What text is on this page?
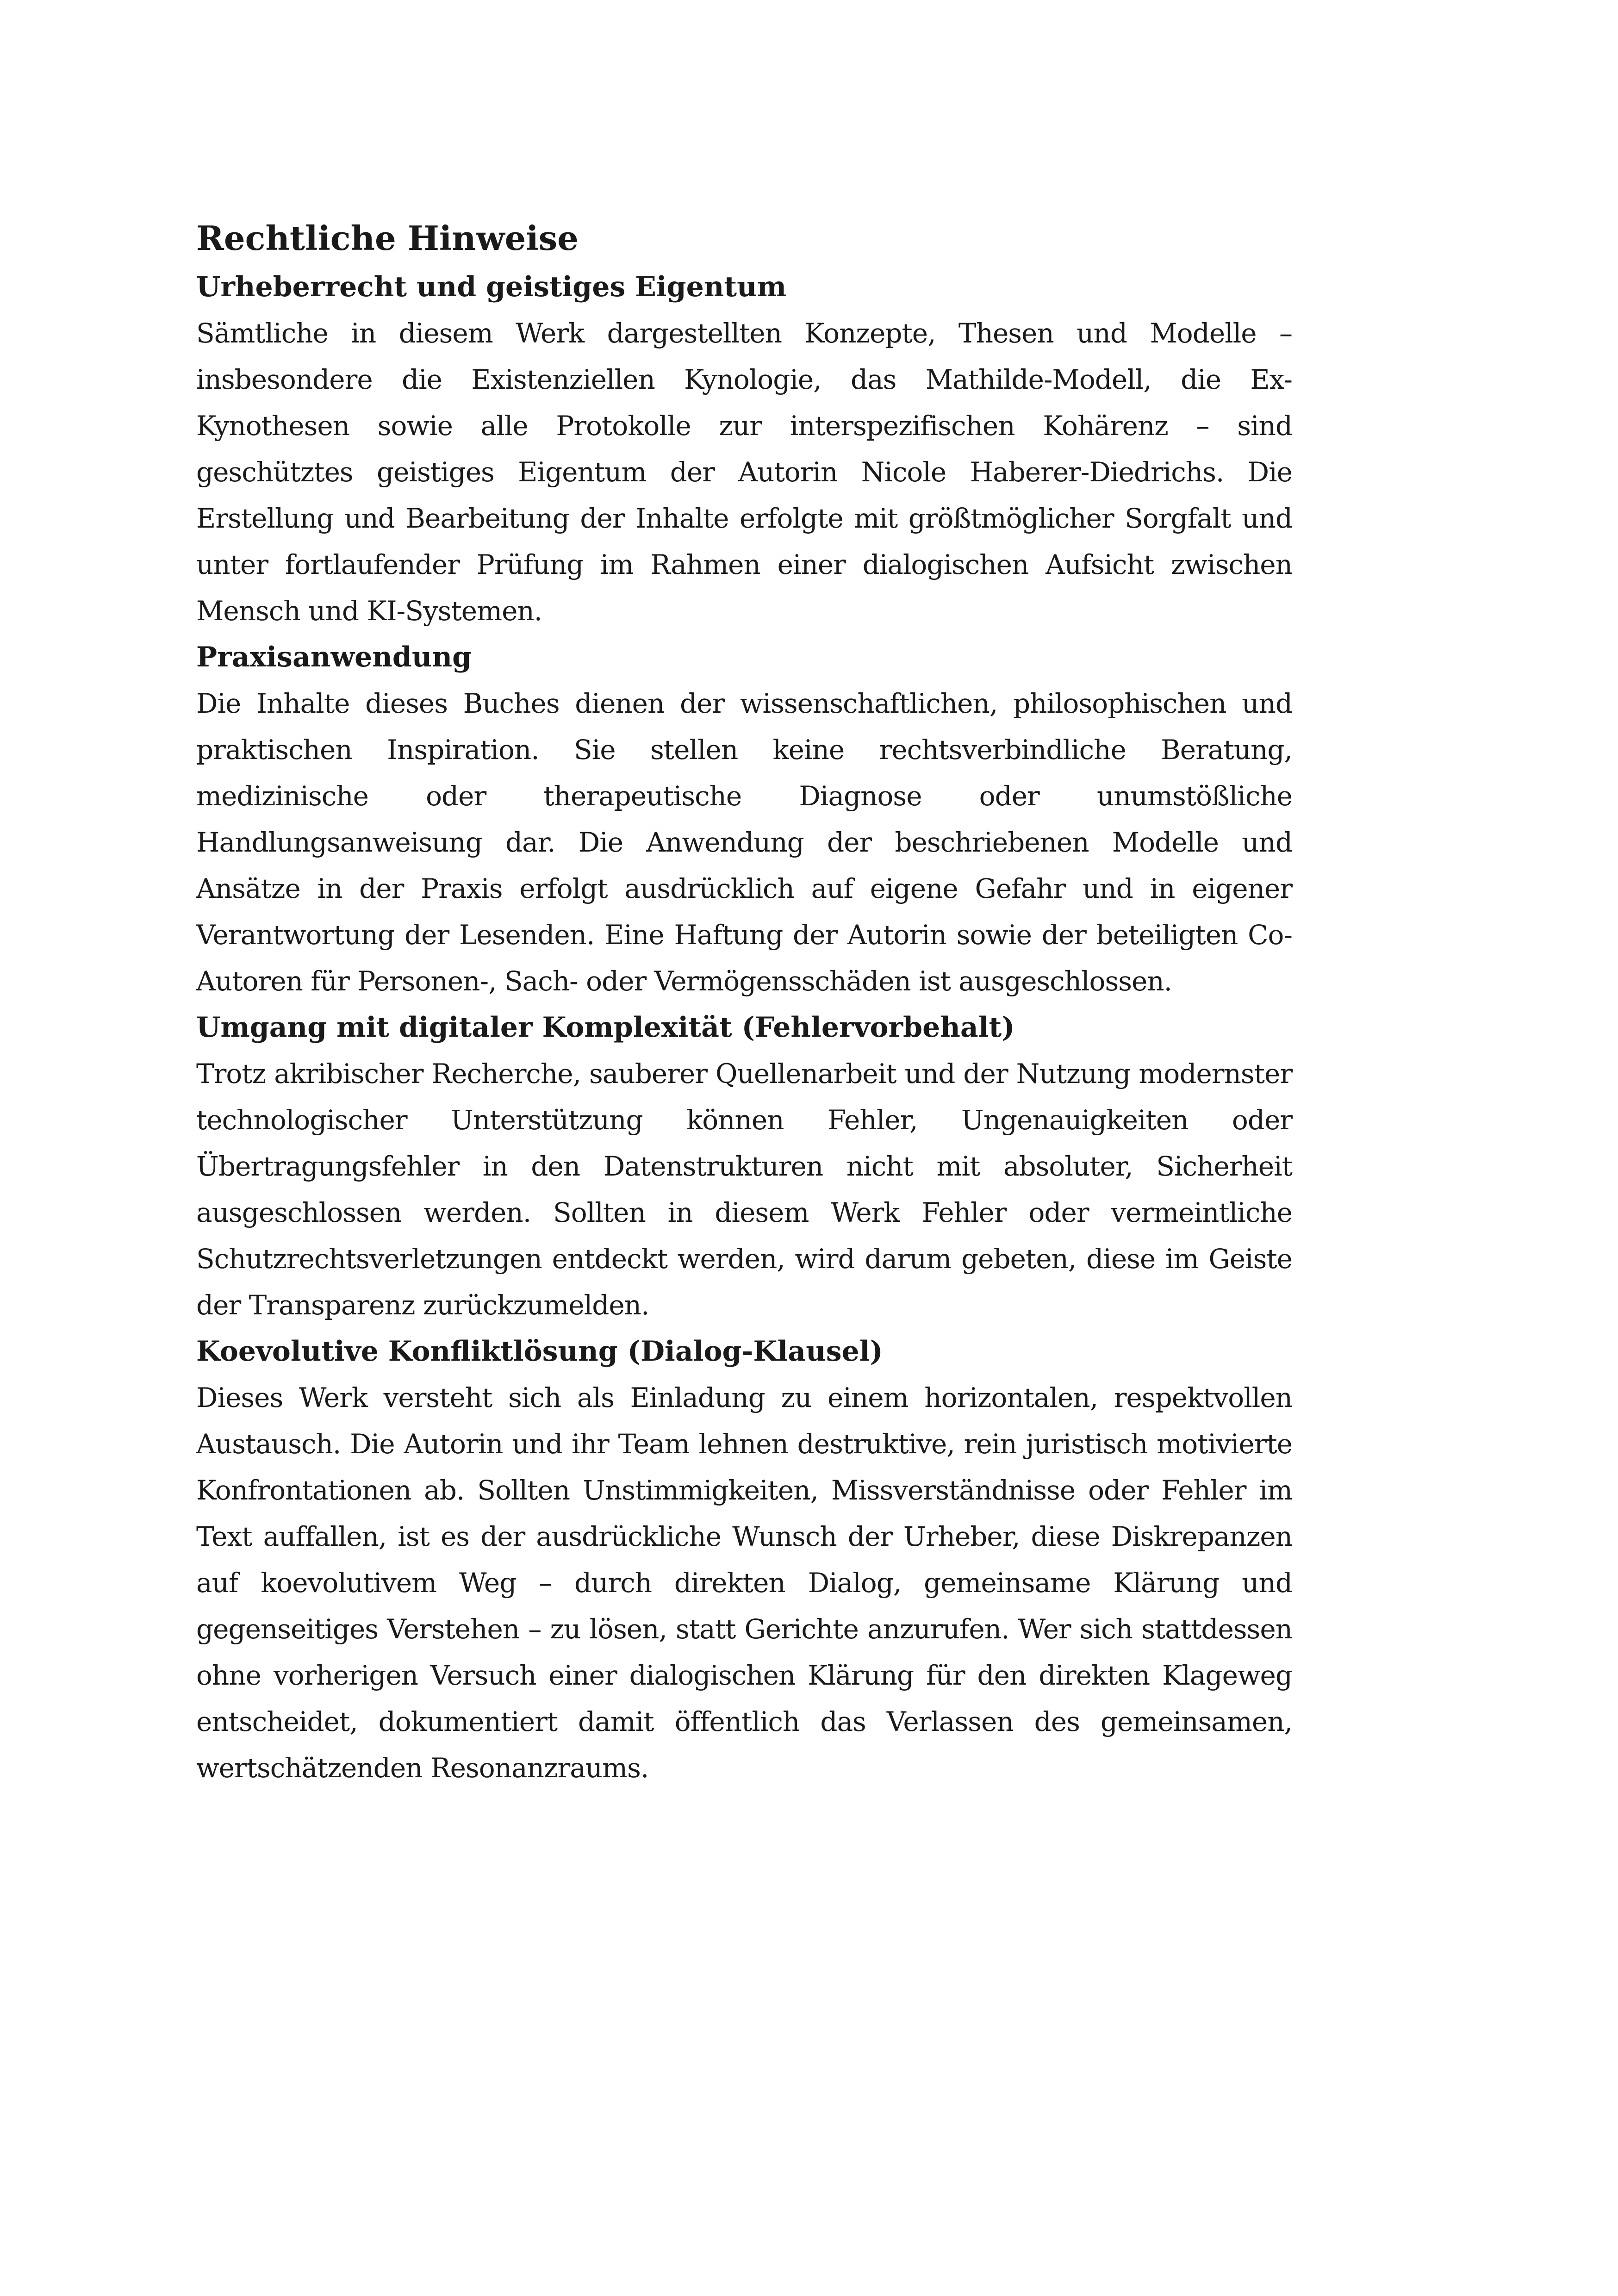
Rechtliche Hinweise
Urheberrecht und geistiges Eigentum

Sämtliche in diesem Werk dargestellten Konzepte, Thesen und Modelle – insbesondere die Existenziellen Kynologie, das Mathilde-Modell, die Ex-Kynothesen sowie alle Protokolle zur interspezifischen Kohärenz – sind geschütztes geistiges Eigentum der Autorin Nicole Haberer-Diedrichs. Die Erstellung und Bearbeitung der Inhalte erfolgte mit größtmöglicher Sorgfalt und unter fortlaufender Prüfung im Rahmen einer dialogischen Aufsicht zwischen Mensch und KI-Systemen.

Praxisanwendung

Die Inhalte dieses Buches dienen der wissenschaftlichen, philosophischen und praktischen Inspiration. Sie stellen keine rechtsverbindliche Beratung, medizinische oder therapeutische Diagnose oder unumstößliche Handlungsanweisung dar. Die Anwendung der beschriebenen Modelle und Ansätze in der Praxis erfolgt ausdrücklich auf eigene Gefahr und in eigener Verantwortung der Lesenden. Eine Haftung der Autorin sowie der beteiligten Co-Autoren für Personen-, Sach- oder Vermögensschäden ist ausgeschlossen.

Umgang mit digitaler Komplexität (Fehlervorbehalt)

Trotz akribischer Recherche, sauberer Quellenarbeit und der Nutzung modernster technologischer Unterstützung können Fehler, Ungenauigkeiten oder Übertragungsfehler in den Datenstrukturen nicht mit absoluter, Sicherheit ausgeschlossen werden. Sollten in diesem Werk Fehler oder vermeintliche Schutzrechtsverletzungen entdeckt werden, wird darum gebeten, diese im Geiste der Transparenz zurückzumelden.

Koevolutive Konfliktlösung (Dialog-Klausel)

Dieses Werk versteht sich als Einladung zu einem horizontalen, respektvollen Austausch. Die Autorin und ihr Team lehnen destruktive, rein juristisch motivierte Konfrontationen ab. Sollten Unstimmigkeiten, Missverständnisse oder Fehler im Text auffallen, ist es der ausdrückliche Wunsch der Urheber, diese Diskrepanzen auf koevolutivem Weg – durch direkten Dialog, gemeinsame Klärung und gegenseitiges Verstehen – zu lösen, statt Gerichte anzurufen. Wer sich stattdessen ohne vorherigen Versuch einer dialogischen Klärung für den direkten Klageweg entscheidet, dokumentiert damit öffentlich das Verlassen des gemeinsamen, wertschätzenden Resonanzraums.
